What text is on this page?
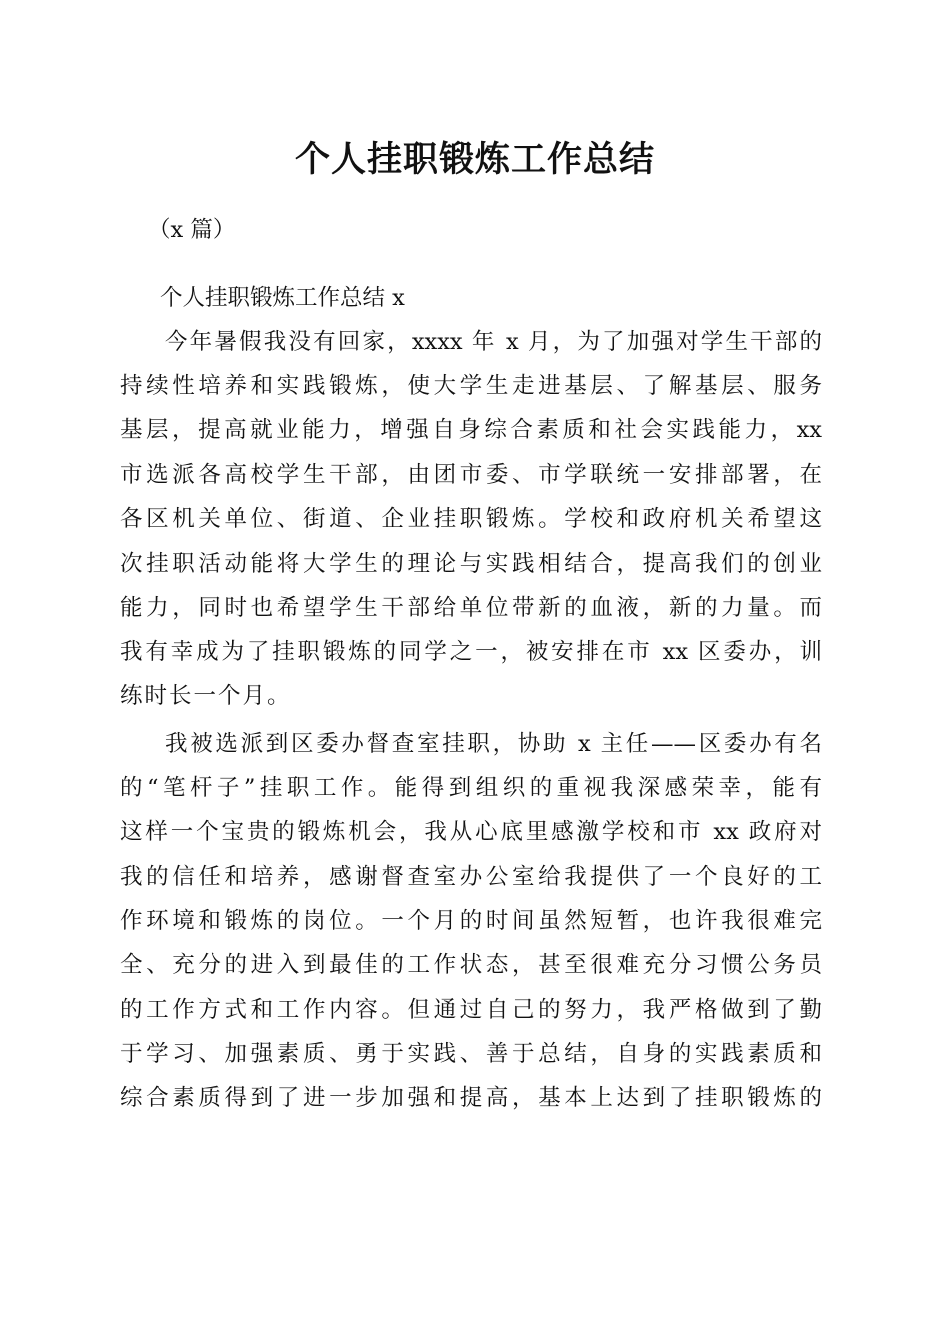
个人挂职锻炼工作总结

（x 篇）

个人挂职锻炼工作总结 x

今年暑假我没有回家，xxxx 年 x 月，为了加强对学生干部的

持续性培养和实践锻炼，使大学生走进基层、了解基层、服务

基层，提高就业能力，增强自身综合素质和社会实践能力，xx

市选派各高校学生干部，由团市委、市学联统一安排部署，在

各区机关单位、街道、企业挂职锻炼。学校和政府机关希望这

次挂职活动能将大学生的理论与实践相结合，提高我们的创业

能力，同时也希望学生干部给单位带新的血液，新的力量。而

我有幸成为了挂职锻炼的同学之一，被安排在市 xx 区委办，训

练时长一个月。

我被选派到区委办督查室挂职，协助 x 主任——区委办有名

的“笔杆子”挂职工作。能得到组织的重视我深感荣幸，能有

这样一个宝贵的锻炼机会，我从心底里感激学校和市 xx 政府对

我的信任和培养，感谢督查室办公室给我提供了一个良好的工

作环境和锻炼的岗位。一个月的时间虽然短暂，也许我很难完

全、充分的进入到最佳的工作状态，甚至很难充分习惯公务员

的工作方式和工作内容。但通过自己的努力，我严格做到了勤

于学习、加强素质、勇于实践、善于总结，自身的实践素质和

综合素质得到了进一步加强和提高，基本上达到了挂职锻炼的
